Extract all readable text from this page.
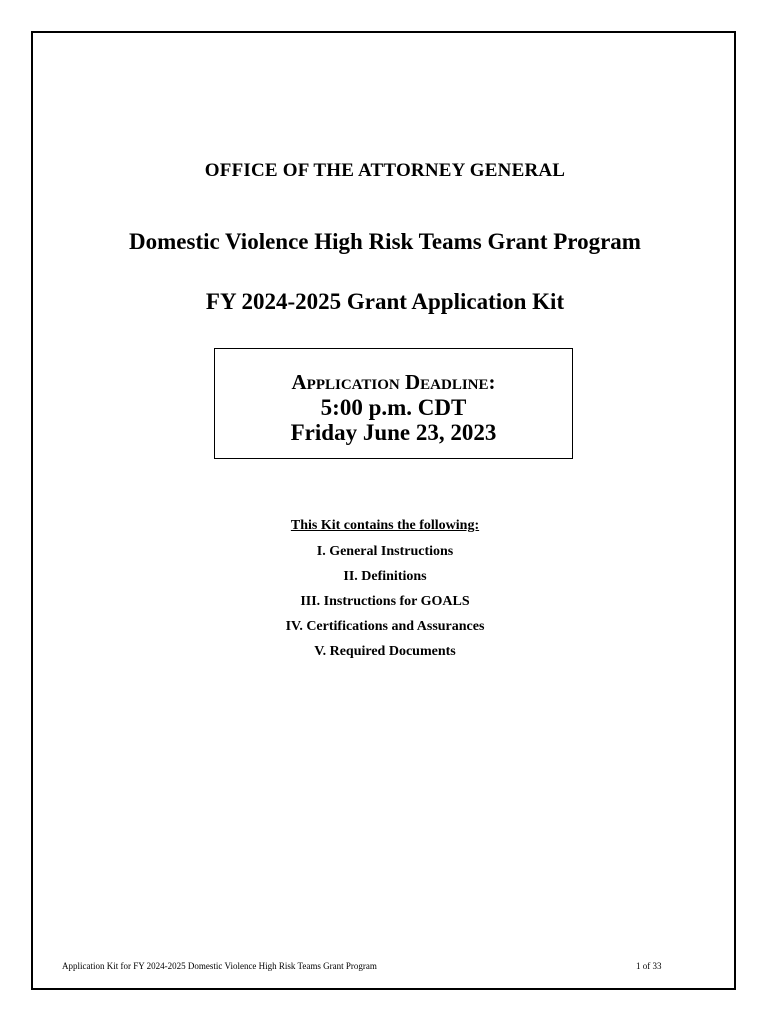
OFFICE OF THE ATTORNEY GENERAL
Domestic Violence High Risk Teams Grant Program
FY 2024-2025 Grant Application Kit
Application Deadline:
5:00 p.m. CDT
Friday June 23, 2023
This Kit contains the following:
I. General Instructions
II. Definitions
III. Instructions for GOALS
IV. Certifications and Assurances
V. Required Documents
Application Kit for FY 2024-2025 Domestic Violence High Risk Teams Grant Program	1 of 33
